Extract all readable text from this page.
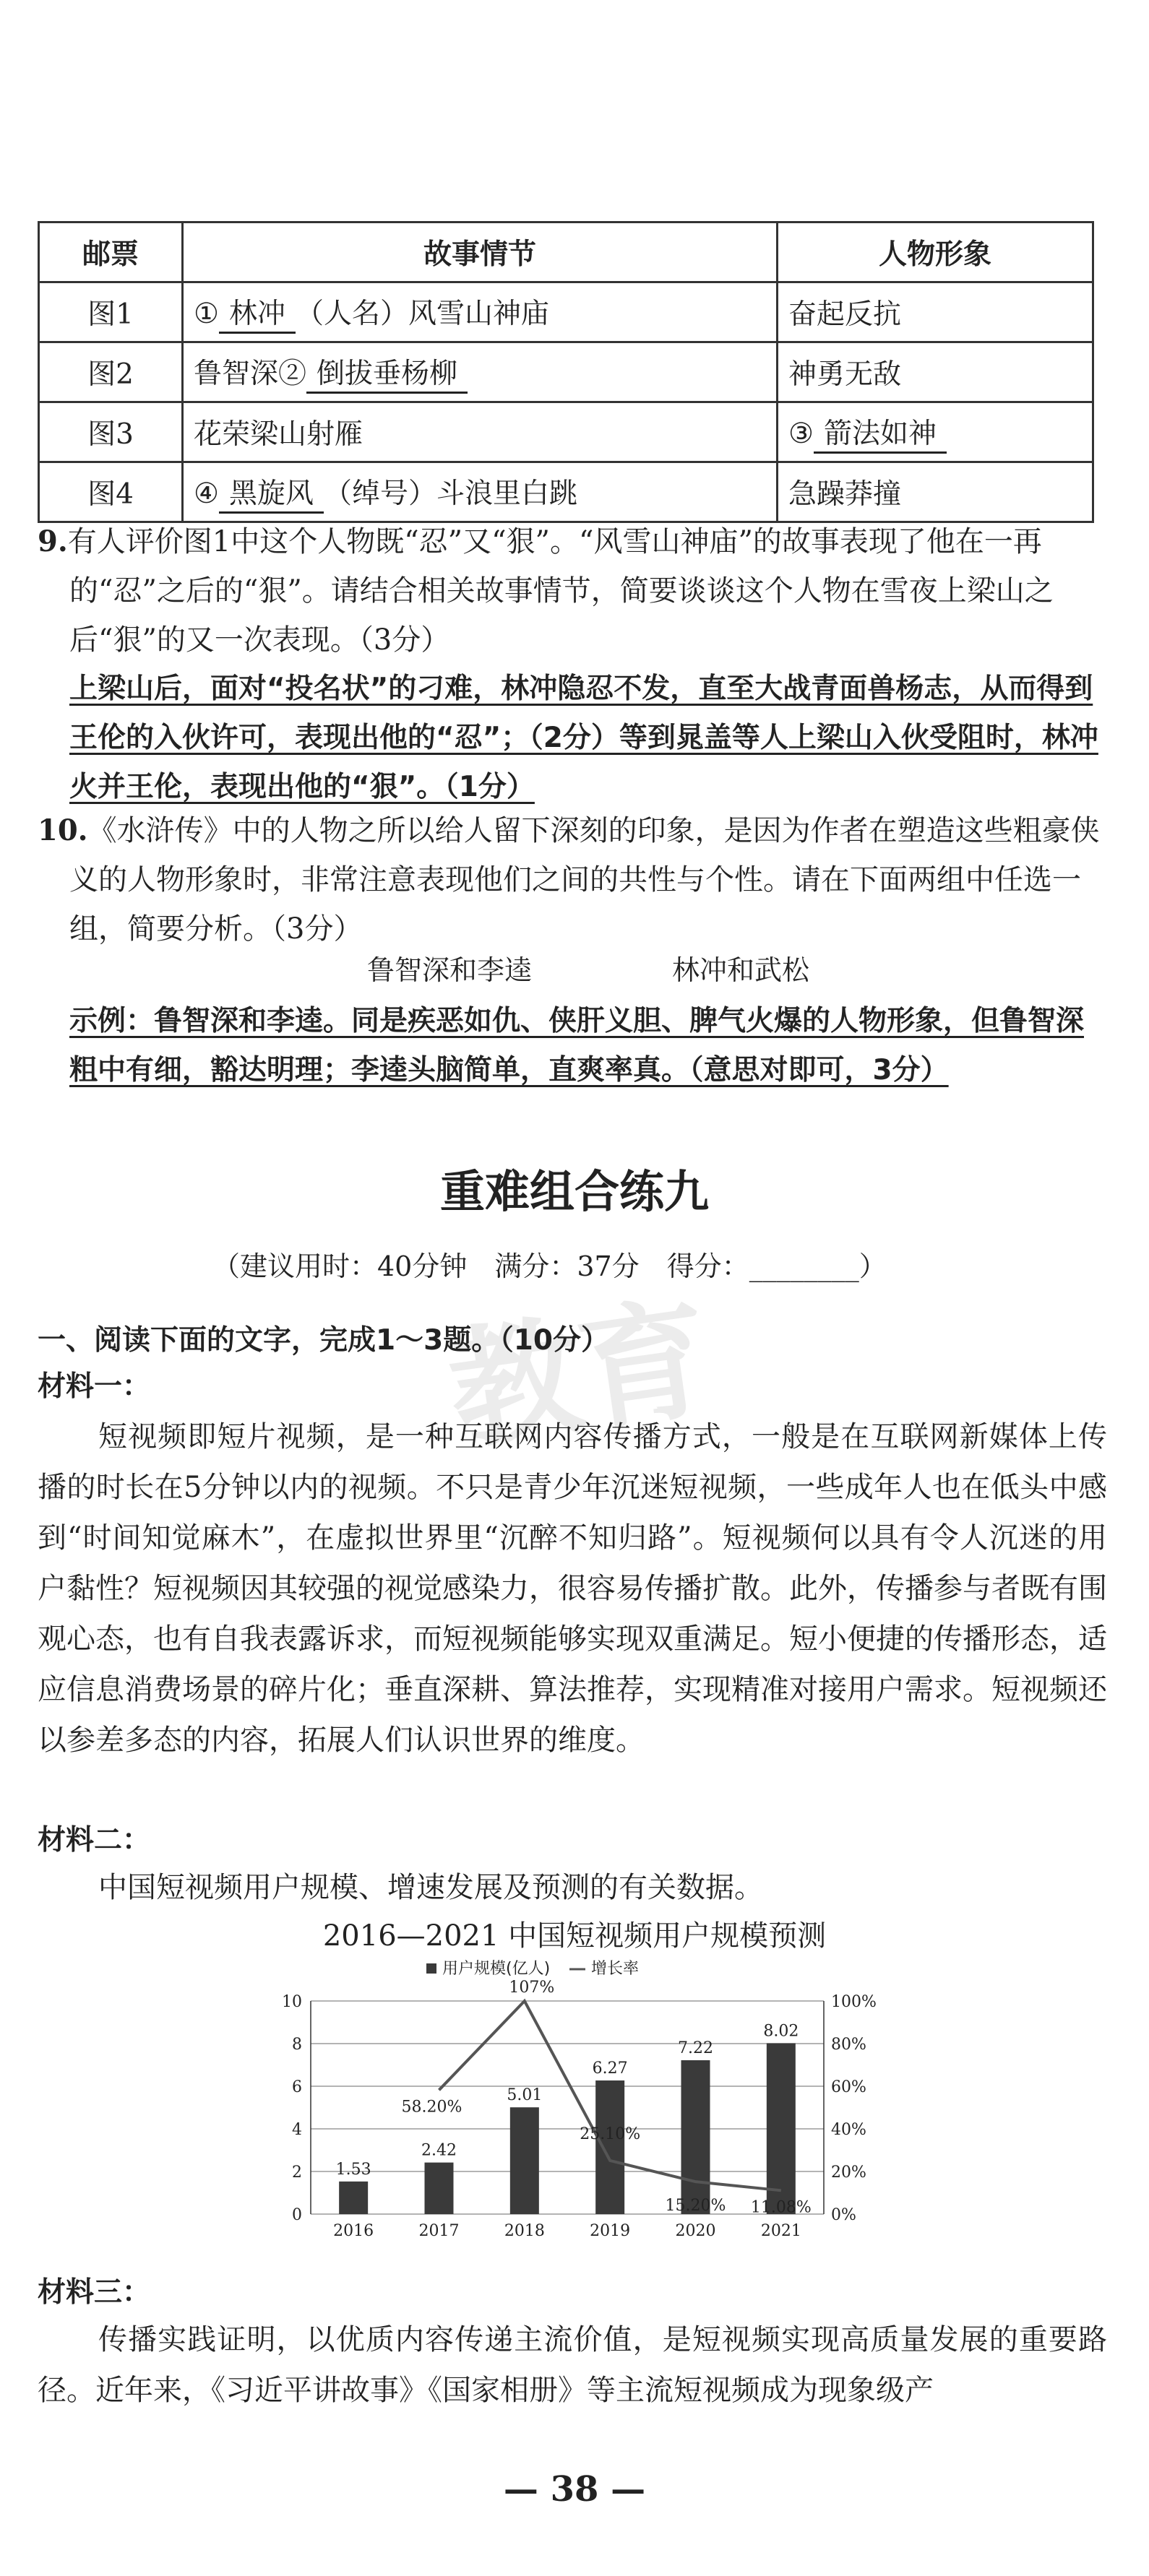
邮票	故事情节	人物形象
图1	① 林冲 （人名）风雪山神庙	奋起反抗
图2	鲁智深② 倒拔垂杨柳	神勇无敌
图3	花荣梁山射雁	③ 箭法如神
图4	④ 黑旋风 （绰号）斗浪里白跳	急躁莽撞
9.有人评价图1中这个人物既“忍”又“狠”。“风雪山神庙”的故事表现了他在一再的“忍”之后的“狠”。请结合相关故事情节，简要谈谈这个人物在雪夜上梁山之后“狠”的又一次表现。（3分）
上梁山后，面对“投名状”的刁难，林冲隐忍不发，直至大战青面兽杨志，从而得到王伦的入伙许可，表现出他的“忍”；（2分）等到晁盖等人上梁山入伙受阻时，林冲火并王伦，表现出他的“狠”。（1分）
10.《水浒传》中的人物之所以给人留下深刻的印象，是因为作者在塑造这些粗豪侠义的人物形象时，非常注意表现他们之间的共性与个性。请在下面两组中任选一组，简要分析。（3分）
鲁智深和李逵	林冲和武松
示例：鲁智深和李逵。同是疾恶如仇、侠肝义胆、脾气火爆的人物形象，但鲁智深粗中有细，豁达明理；李逵头脑简单，直爽率真。（意思对即可，3分）
重难组合练九
（建议用时：40分钟　满分：37分　得分：________）
教育
一、阅读下面的文字，完成1～3题。（10分）
材料一：
短视频即短片视频，是一种互联网内容传播方式，一般是在互联网新媒体上传播的时长在5分钟以内的视频。不只是青少年沉迷短视频，一些成年人也在低头中感到“时间知觉麻木”，在虚拟世界里“沉醉不知归路”。短视频何以具有令人沉迷的用户黏性？短视频因其较强的视觉感染力，很容易传播扩散。此外，传播参与者既有围观心态，也有自我表露诉求，而短视频能够实现双重满足。短小便捷的传播形态，适应信息消费场景的碎片化；垂直深耕、算法推荐，实现精准对接用户需求。短视频还以参差多态的内容，拓展人们认识世界的维度。
材料二：
中国短视频用户规模、增速发展及预测的有关数据。
2016—2021 中国短视频用户规模预测
用户规模(亿人)	增长率
0
2
4
6
8
10
0%
20%
40%
60%
80%
100%
1.53
2016
2.42
2017
5.01
2018
6.27
2019
7.22
2020
8.02
2021
58.20%
107%
25.10%
15.20% 11.08%
材料三：
传播实践证明，以优质内容传递主流价值，是短视频实现高质量发展的重要路径。近年来，《习近平讲故事》《国家相册》等主流短视频成为现象级产
— 38 —
